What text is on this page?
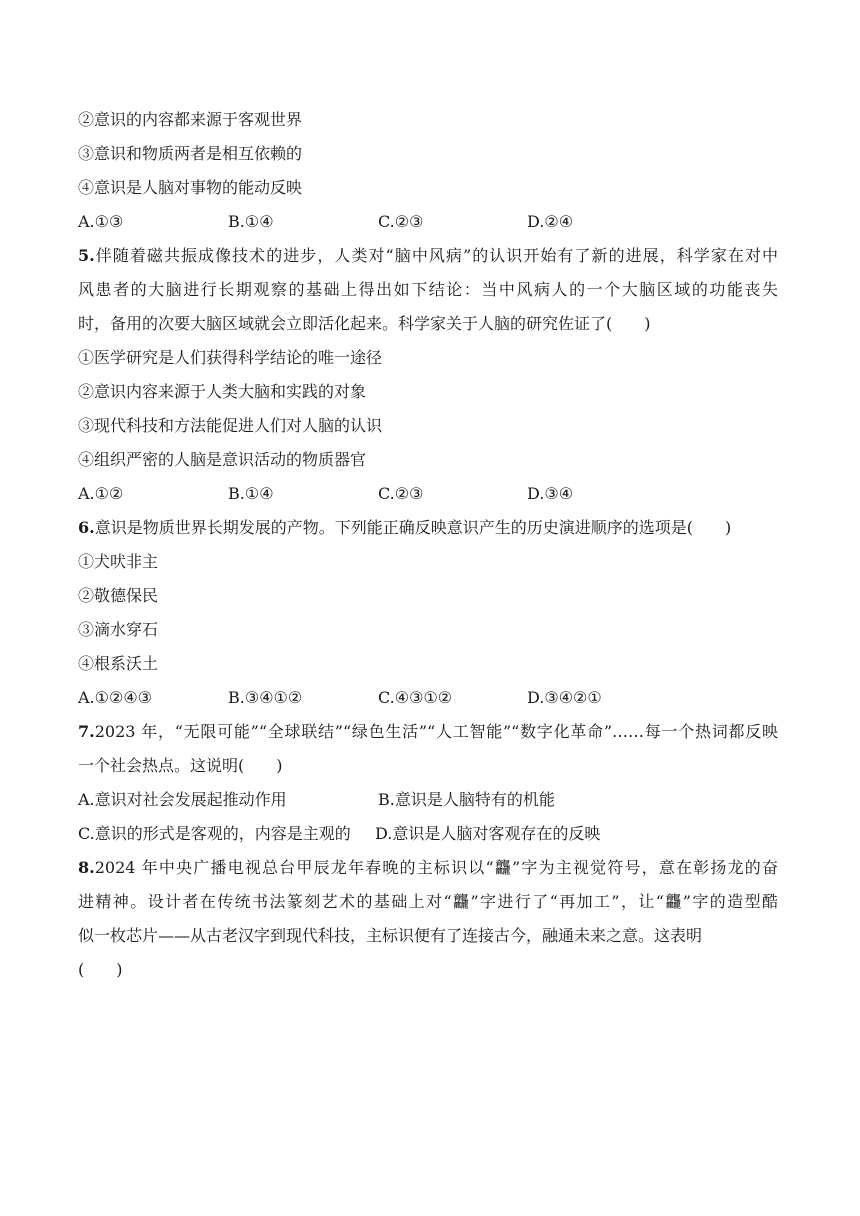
②意识的内容都来源于客观世界
③意识和物质两者是相互依赖的
④意识是人脑对事物的能动反映
A.①③	B.①④	C.②③	D.②④
5.伴随着磁共振成像技术的进步，人类对“脑中风病”的认识开始有了新的进展，科学家在对中
风患者的大脑进行长期观察的基础上得出如下结论：当中风病人的一个大脑区域的功能丧失
时，备用的次要大脑区域就会立即活化起来。科学家关于人脑的研究佐证了(　　)
①医学研究是人们获得科学结论的唯一途径
②意识内容来源于人类大脑和实践的对象
③现代科技和方法能促进人们对人脑的认识
④组织严密的人脑是意识活动的物质器官
A.①②	B.①④	C.②③	D.③④
6.意识是物质世界长期发展的产物。下列能正确反映意识产生的历史演进顺序的选项是(　　)
①犬吠非主
②敬德保民
③滴水穿石
④根系沃土
A.①②④③	B.③④①②	C.④③①②	D.③④②①
7.2023 年，“无限可能”“全球联结”“绿色生活”“人工智能”“数字化革命”……每一个热词都反映
一个社会热点。这说明(　　)
A.意识对社会发展起推动作用	B.意识是人脑特有的机能
C.意识的形式是客观的，内容是主观的 D.意识是人脑对客观存在的反映
8.2024 年中央广播电视总台甲辰龙年春晚的主标识以“龘”字为主视觉符号，意在彰扬龙的奋
进精神。设计者在传统书法篆刻艺术的基础上对“龘”字进行了“再加工”，让“龘”字的造型酷
似一枚芯片——从古老汉字到现代科技，主标识便有了连接古今，融通未来之意。这表明
(　　)
